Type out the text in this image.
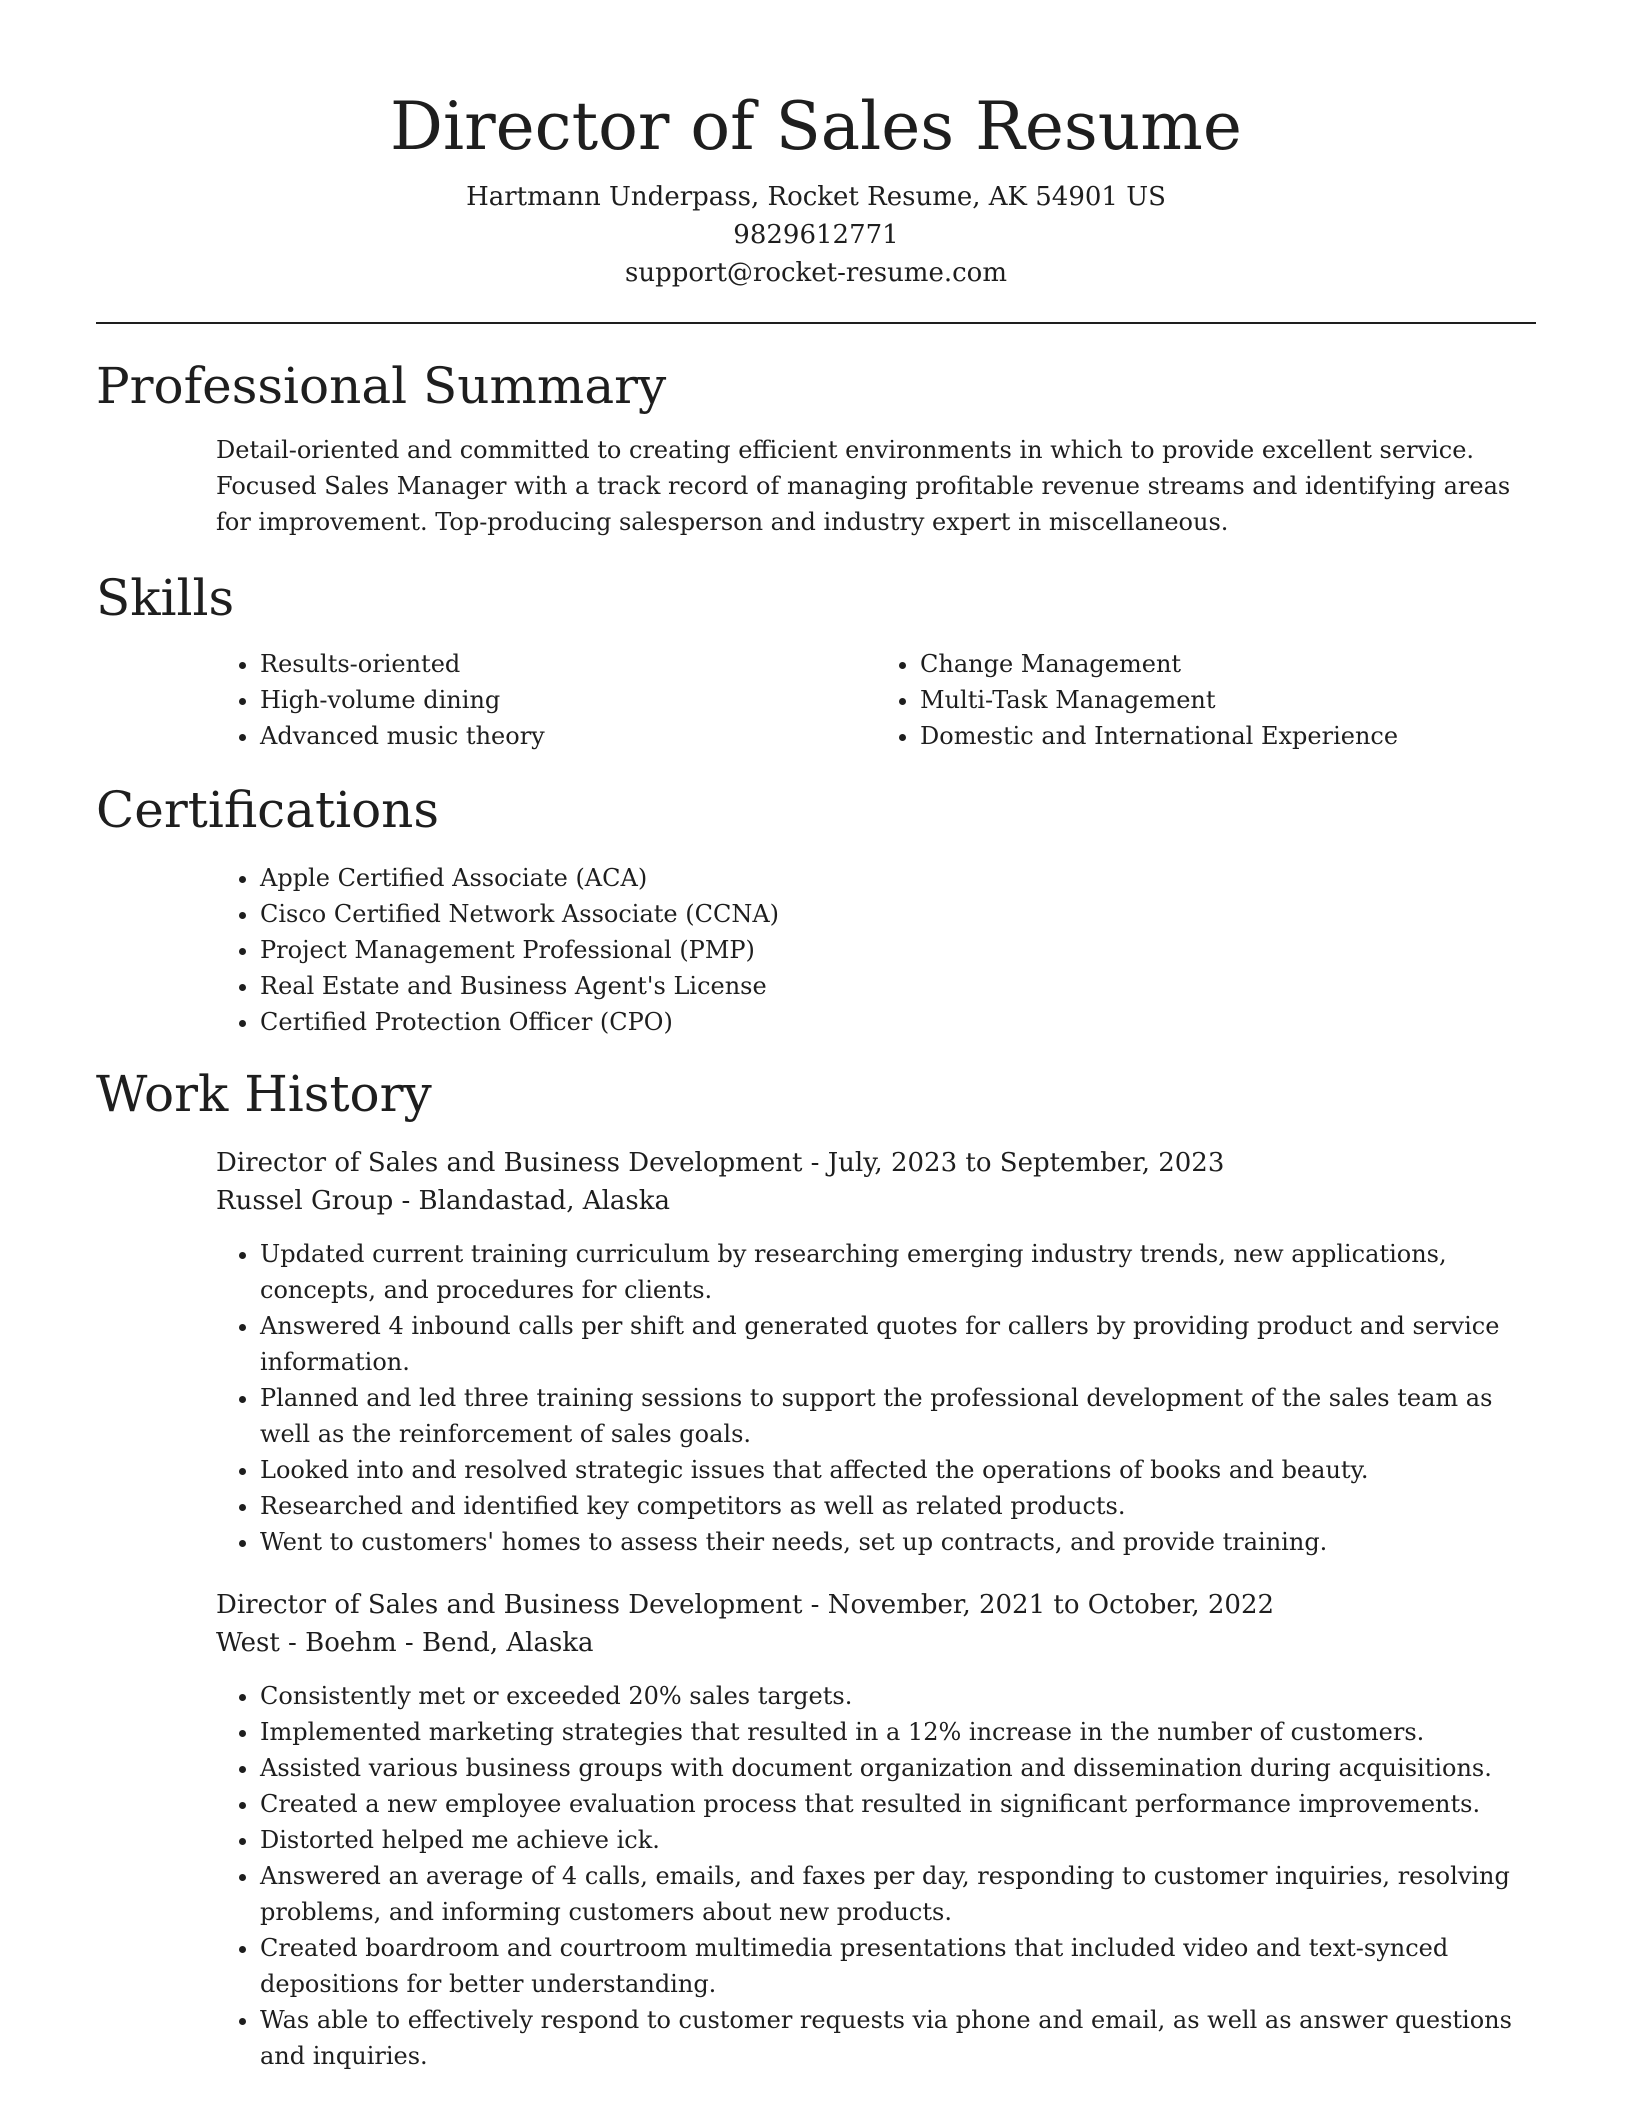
Director of Sales Resume
Hartmann Underpass, Rocket Resume, AK 54901 US
9829612771
support@rocket-resume.com
Professional Summary

Detail-oriented and committed to creating efficient environments in which to provide excellent service. Focused Sales Manager with a track record of managing profitable revenue streams and identifying areas for improvement. Top-producing salesperson and industry expert in miscellaneous.

Skills
• Results-oriented
• High-volume dining
• Advanced music theory
• Change Management
• Multi-Task Management
• Domestic and International Experience
Certifications
• Apple Certified Associate (ACA)
• Cisco Certified Network Associate (CCNA)
• Project Management Professional (PMP)
• Real Estate and Business Agent's License
• Certified Protection Officer (CPO)
Work History
Director of Sales and Business Development - July, 2023 to September, 2023
Russel Group - Blandastad, Alaska
• Updated current training curriculum by researching emerging industry trends, new applications, concepts, and procedures for clients.
• Answered 4 inbound calls per shift and generated quotes for callers by providing product and service information.
• Planned and led three training sessions to support the professional development of the sales team as well as the reinforcement of sales goals.
• Looked into and resolved strategic issues that affected the operations of books and beauty.
• Researched and identified key competitors as well as related products.
• Went to customers' homes to assess their needs, set up contracts, and provide training.
Director of Sales and Business Development - November, 2021 to October, 2022
West - Boehm - Bend, Alaska
• Consistently met or exceeded 20% sales targets.
• Implemented marketing strategies that resulted in a 12% increase in the number of customers.
• Assisted various business groups with document organization and dissemination during acquisitions.
• Created a new employee evaluation process that resulted in significant performance improvements.
• Distorted helped me achieve ick.
• Answered an average of 4 calls, emails, and faxes per day, responding to customer inquiries, resolving problems, and informing customers about new products.
• Created boardroom and courtroom multimedia presentations that included video and text-synced depositions for better understanding.
• Was able to effectively respond to customer requests via phone and email, as well as answer questions and inquiries.
